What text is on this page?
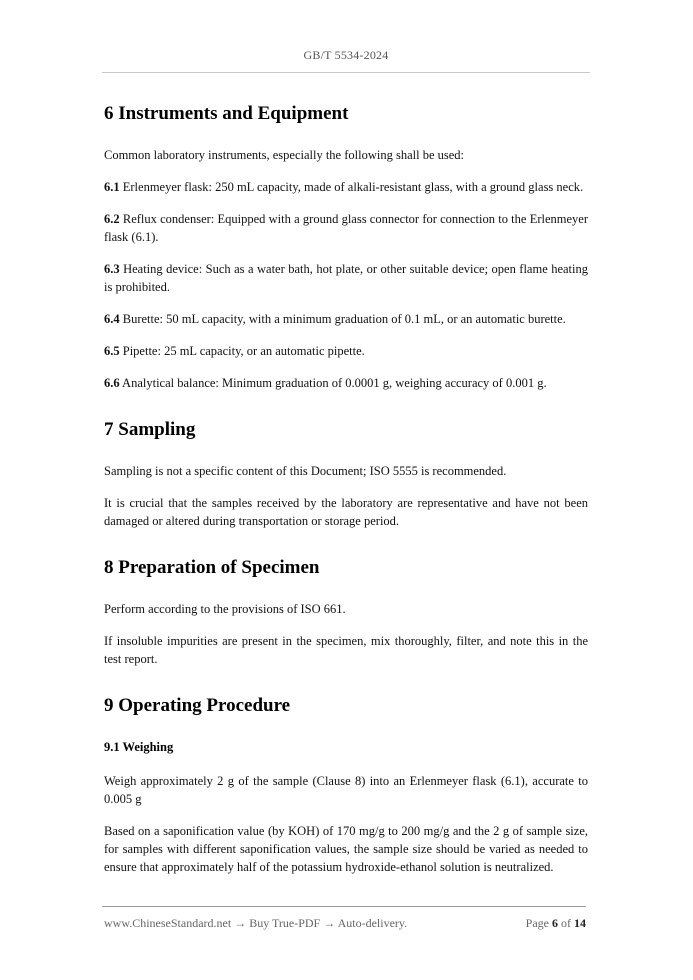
GB/T 5534-2024
6 Instruments and Equipment

Common laboratory instruments, especially the following shall be used:

6.1 Erlenmeyer flask: 250 mL capacity, made of alkali-resistant glass, with a ground glass neck.

6.2 Reflux condenser: Equipped with a ground glass connector for connection to the Erlenmeyer flask (6.1).

6.3 Heating device: Such as a water bath, hot plate, or other suitable device; open flame heating is prohibited.

6.4 Burette: 50 mL capacity, with a minimum graduation of 0.1 mL, or an automatic burette.

6.5 Pipette: 25 mL capacity, or an automatic pipette.

6.6 Analytical balance: Minimum graduation of 0.0001 g, weighing accuracy of 0.001 g.

7 Sampling

Sampling is not a specific content of this Document; ISO 5555 is recommended.

It is crucial that the samples received by the laboratory are representative and have not been damaged or altered during transportation or storage period.

8 Preparation of Specimen

Perform according to the provisions of ISO 661.

If insoluble impurities are present in the specimen, mix thoroughly, filter, and note this in the test report.

9 Operating Procedure
9.1 Weighing

Weigh approximately 2 g of the sample (Clause 8) into an Erlenmeyer flask (6.1), accurate to 0.005 g

Based on a saponification value (by KOH) of 170 mg/g to 200 mg/g and the 2 g of sample size, for samples with different saponification values, the sample size should be varied as needed to ensure that approximately half of the potassium hydroxide-ethanol solution is neutralized.

www.ChineseStandard.net → Buy True-PDF → Auto-delivery.	Page 6 of 14
